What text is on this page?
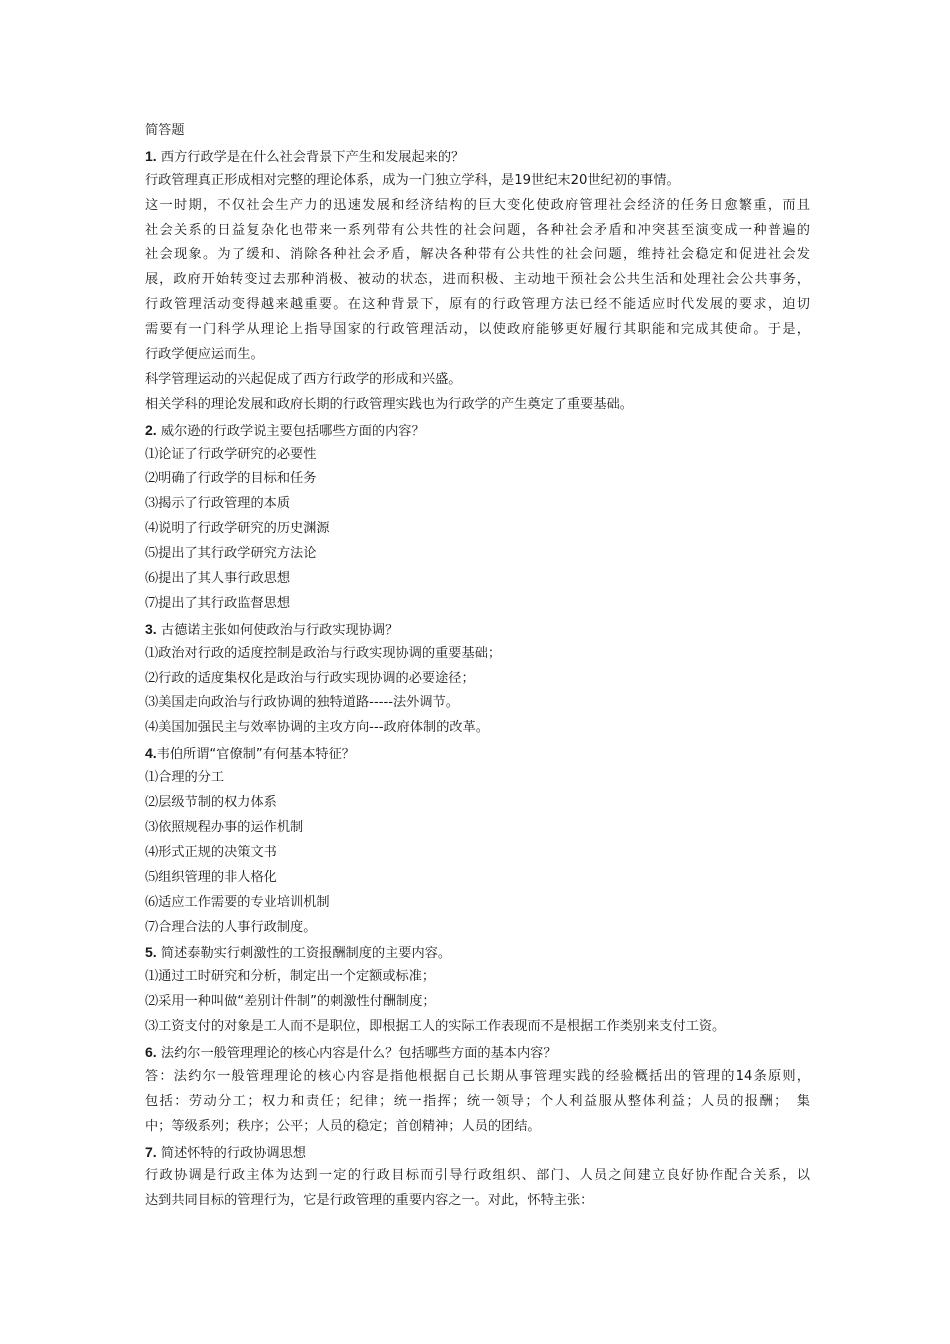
简答题
1. 西方行政学是在什么社会背景下产生和发展起来的？
行政管理真正形成相对完整的理论体系，成为一门独立学科，是19世纪末20世纪初的事情。
这一时期，不仅社会生产力的迅速发展和经济结构的巨大变化使政府管理社会经济的任务日愈繁重，而且
社会关系的日益复杂化也带来一系列带有公共性的社会问题，各种社会矛盾和冲突甚至演变成一种普遍的
社会现象。为了缓和、消除各种社会矛盾，解决各种带有公共性的社会问题，维持社会稳定和促进社会发
展，政府开始转变过去那种消极、被动的状态，进而积极、主动地干预社会公共生活和处理社会公共事务，
行政管理活动变得越来越重要。在这种背景下，原有的行政管理方法已经不能适应时代发展的要求，迫切
需要有一门科学从理论上指导国家的行政管理活动，以使政府能够更好履行其职能和完成其使命。于是，
行政学便应运而生。
科学管理运动的兴起促成了西方行政学的形成和兴盛。
相关学科的理论发展和政府长期的行政管理实践也为行政学的产生奠定了重要基础。
2. 威尔逊的行政学说主要包括哪些方面的内容？
⑴论证了行政学研究的必要性
⑵明确了行政学的目标和任务
⑶揭示了行政管理的本质
⑷说明了行政学研究的历史渊源
⑸提出了其行政学研究方法论
⑹提出了其人事行政思想
⑺提出了其行政监督思想
3. 古德诺主张如何使政治与行政实现协调？
⑴政治对行政的适度控制是政治与行政实现协调的重要基础；
⑵行政的适度集权化是政治与行政实现协调的必要途径；
⑶美国走向政治与行政协调的独特道路-----法外调节。
⑷美国加强民主与效率协调的主攻方向---政府体制的改革。
4.韦伯所谓“官僚制”有何基本特征？
⑴合理的分工
⑵层级节制的权力体系
⑶依照规程办事的运作机制
⑷形式正规的决策文书
⑸组织管理的非人格化
⑹适应工作需要的专业培训机制
⑺合理合法的人事行政制度。
5. 简述泰勒实行刺激性的工资报酬制度的主要内容。
⑴通过工时研究和分析，制定出一个定额或标准；
⑵采用一种叫做“差别计件制”的刺激性付酬制度；
⑶工资支付的对象是工人而不是职位，即根据工人的实际工作表现而不是根据工作类别来支付工资。
6. 法约尔一般管理理论的核心内容是什么？包括哪些方面的基本内容？
答：法约尔一般管理理论的核心内容是指他根据自己长期从事管理实践的经验概括出的管理的14条原则，
包括：劳动分工；权力和责任；纪律；统一指挥；统一领导；个人利益服从整体利益；人员的报酬；　集
中；等级系列；秩序；公平；人员的稳定；首创精神；人员的团结。
7. 简述怀特的行政协调思想
行政协调是行政主体为达到一定的行政目标而引导行政组织、部门、人员之间建立良好协作配合关系，以
达到共同目标的管理行为，它是行政管理的重要内容之一。对此，怀特主张：
